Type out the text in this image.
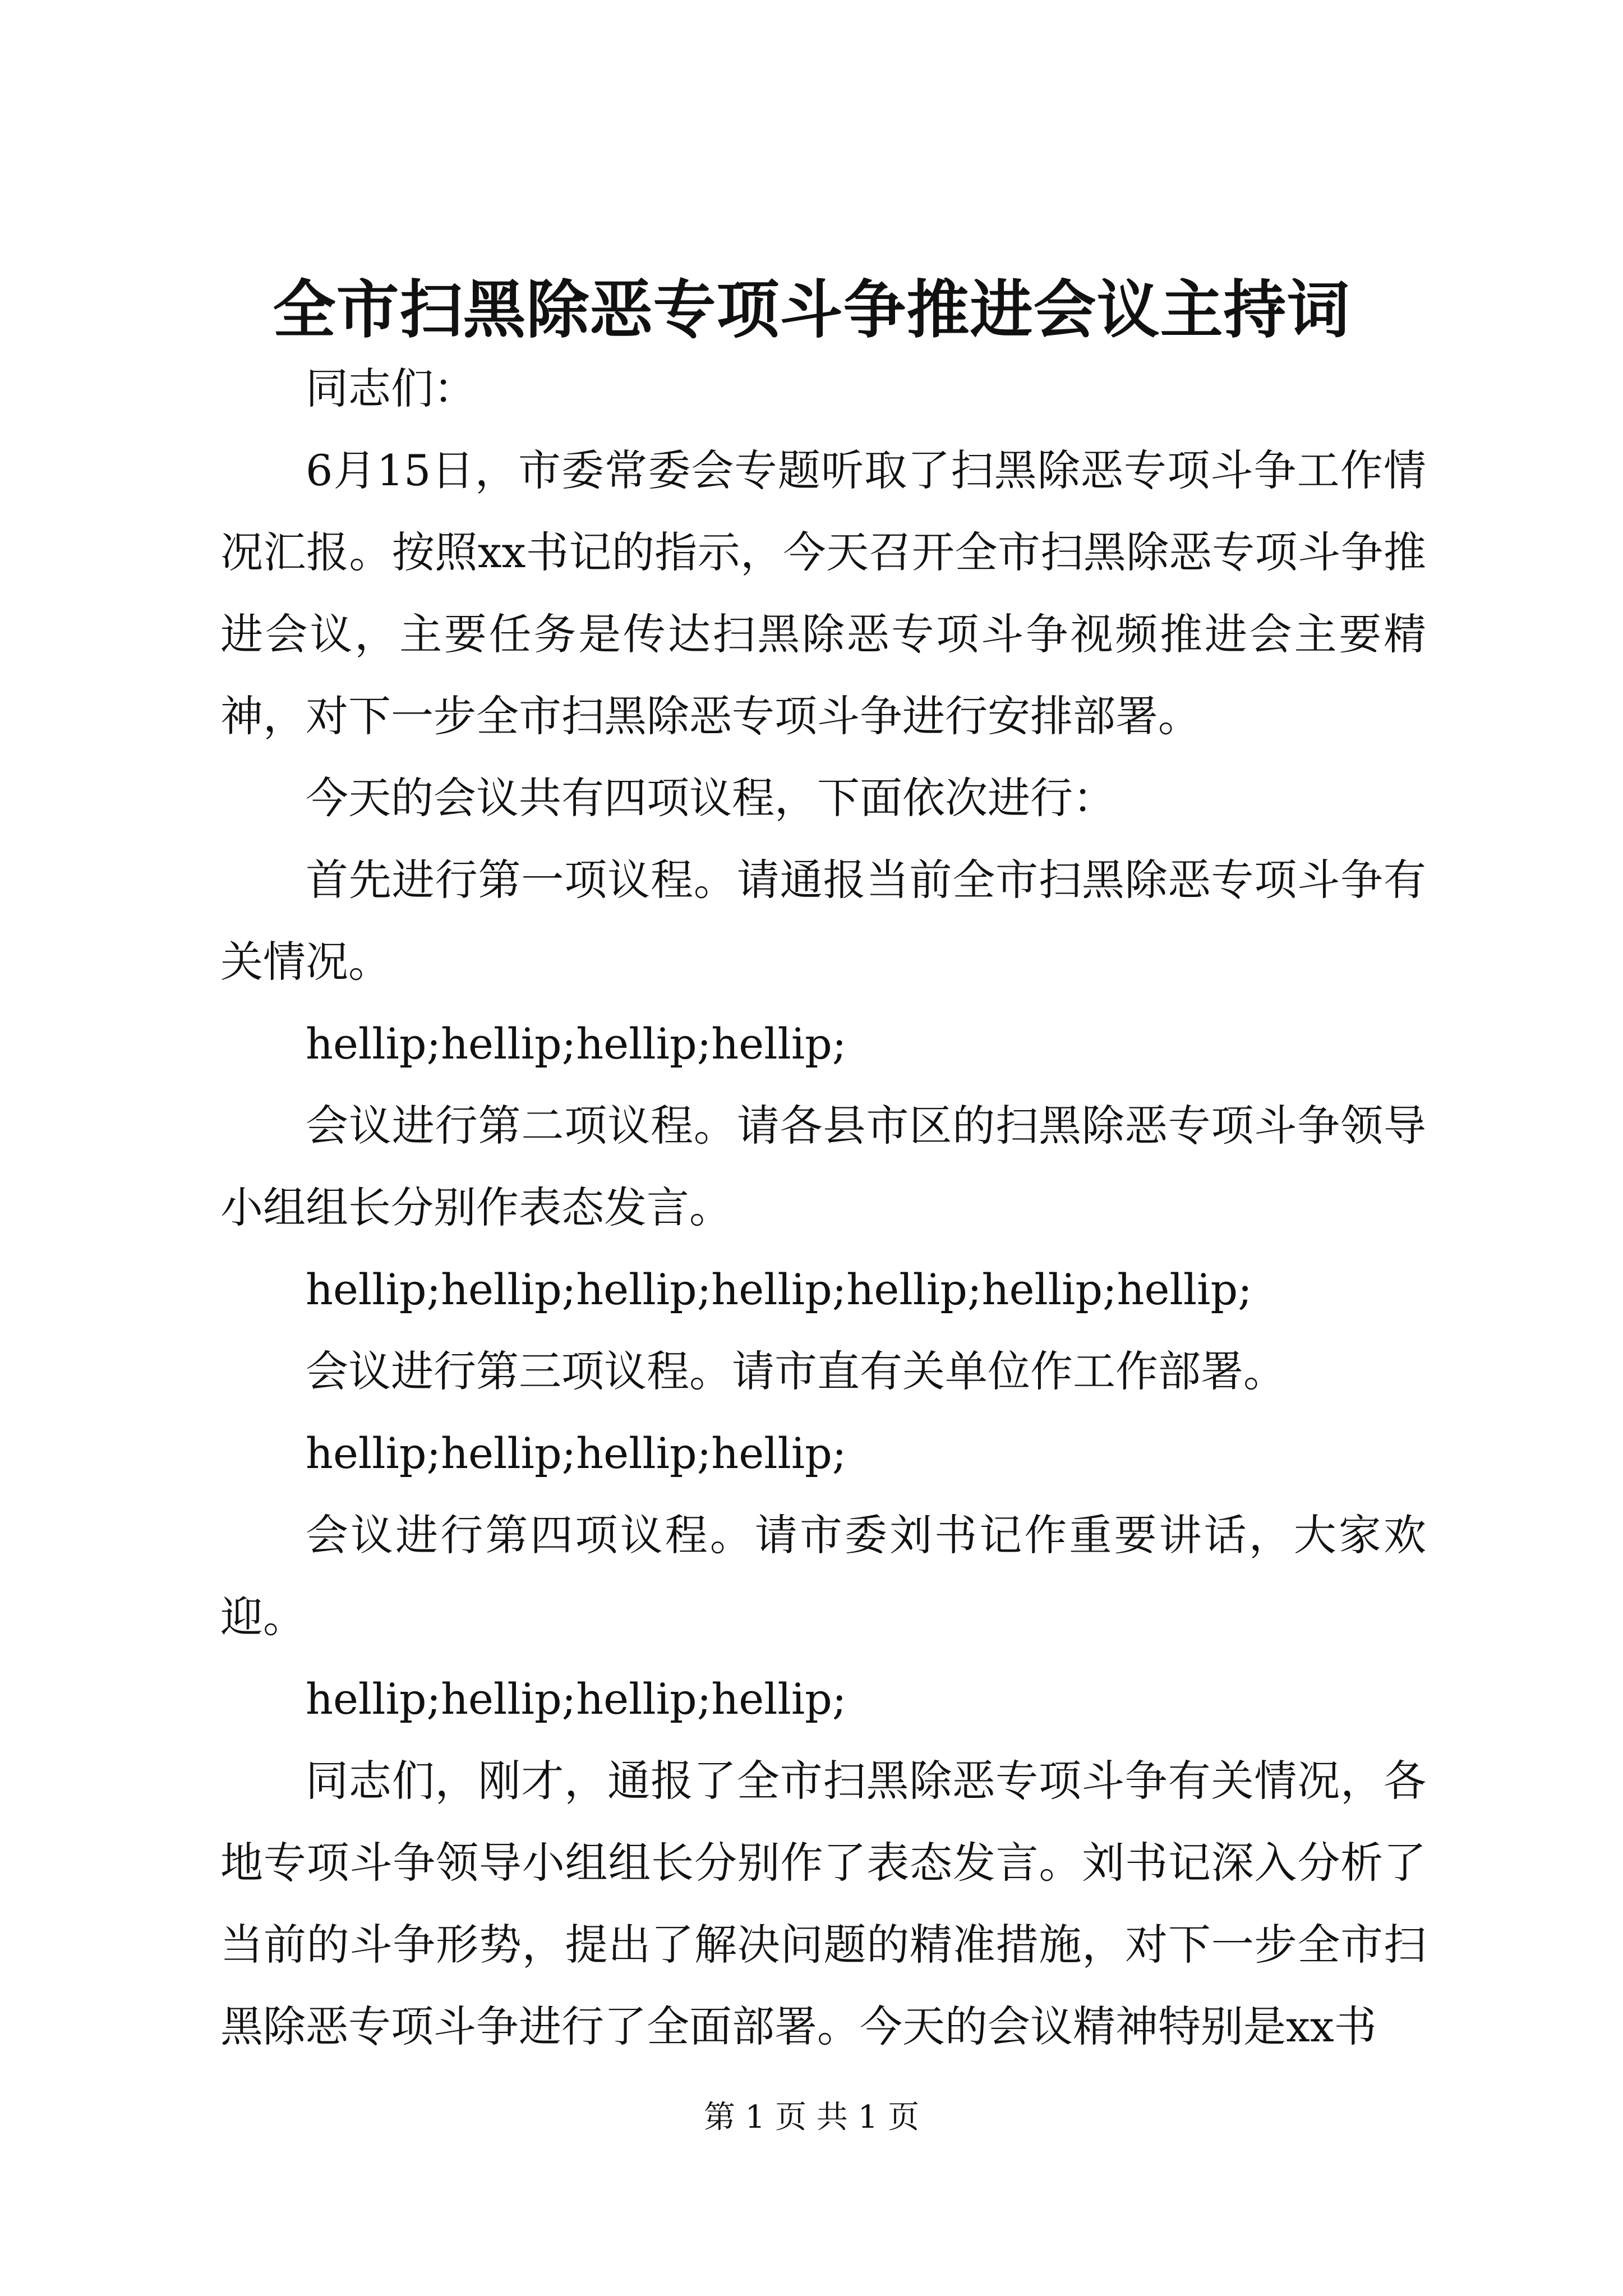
全市扫黑除恶专项斗争推进会议主持词

同志们：

6月15日，市委常委会专题听取了扫黑除恶专项斗争工作情况汇报。按照xx书记的指示，今天召开全市扫黑除恶专项斗争推进会议，主要任务是传达扫黑除恶专项斗争视频推进会主要精神，对下一步全市扫黑除恶专项斗争进行安排部署。

今天的会议共有四项议程，下面依次进行：

首先进行第一项议程。请通报当前全市扫黑除恶专项斗争有关情况。

hellip;hellip;hellip;hellip;

会议进行第二项议程。请各县市区的扫黑除恶专项斗争领导小组组长分别作表态发言。

hellip;hellip;hellip;hellip;hellip;hellip;hellip;

会议进行第三项议程。请市直有关单位作工作部署。

hellip;hellip;hellip;hellip;

会议进行第四项议程。请市委刘书记作重要讲话，大家欢迎。

hellip;hellip;hellip;hellip;

同志们，刚才，通报了全市扫黑除恶专项斗争有关情况，各地专项斗争领导小组组长分别作了表态发言。刘书记深入分析了当前的斗争形势，提出了解决问题的精准措施，对下一步全市扫黑除恶专项斗争进行了全面部署。今天的会议精神特别是xx书

第 1 页 共 1 页
